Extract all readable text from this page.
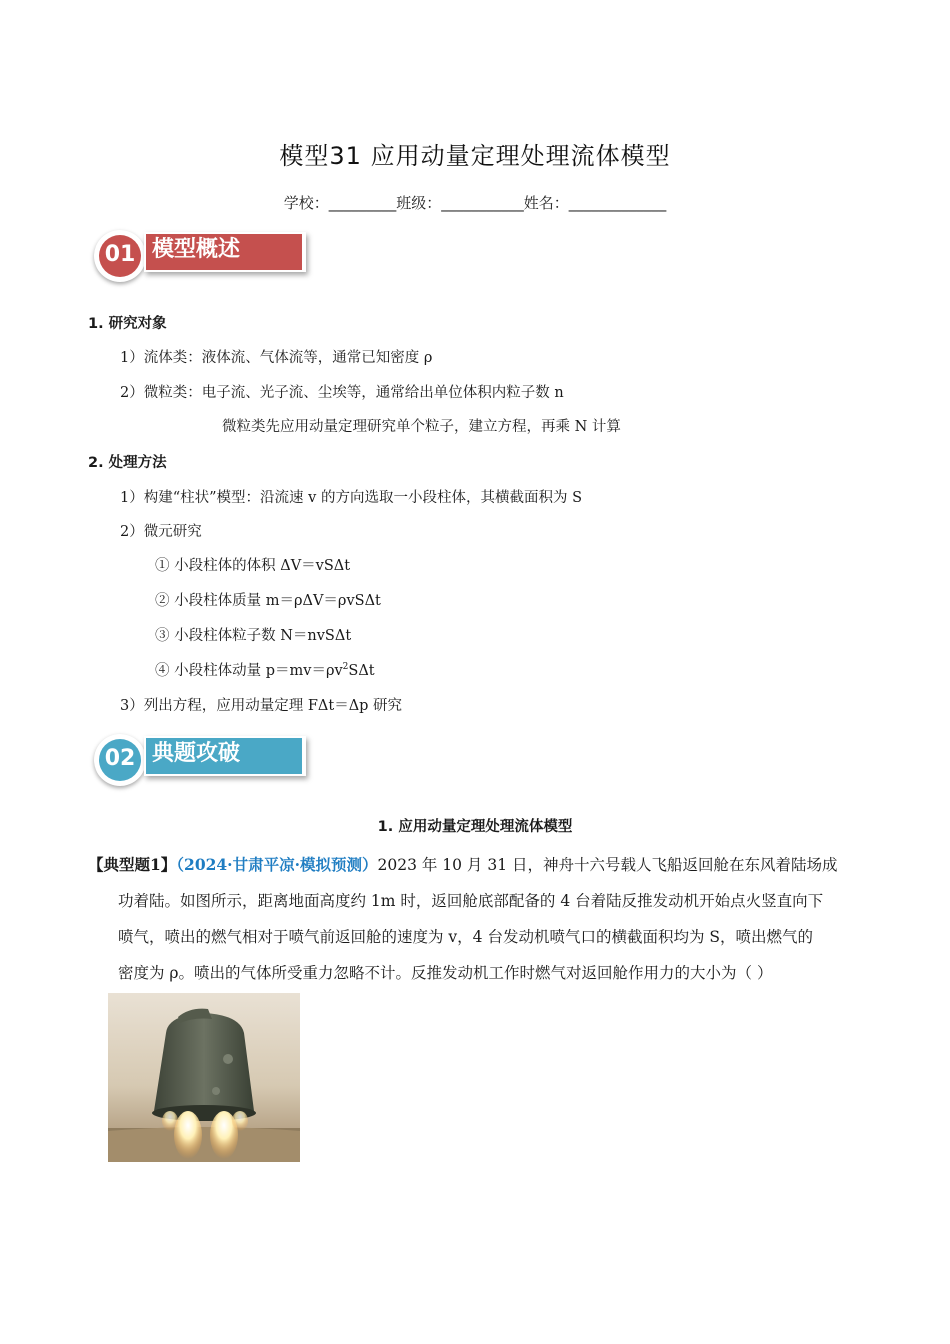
模型31 应用动量定理处理流体模型
学校：_________班级：___________姓名：_____________
01 模型概述
1. 研究对象
1）流体类：液体流、气体流等，通常已知密度 ρ
2）微粒类：电子流、光子流、尘埃等，通常给出单位体积内粒子数 n
微粒类先应用动量定理研究单个粒子，建立方程，再乘 N 计算
2. 处理方法
1）构建“柱状”模型：沿流速 v 的方向选取一小段柱体，其横截面积为 S
2）微元研究
① 小段柱体的体积 ΔV＝vSΔt
② 小段柱体质量 m＝ρΔV＝ρvSΔt
③ 小段柱体粒子数 N＝nvSΔt
④ 小段柱体动量 $p=mv=\rho v^2S\Delta t$
3）列出方程，应用动量定理 FΔt＝Δp 研究
02 典题攻破
1. 应用动量定理处理流体模型

【典型题1】（2024·甘肃平凉·模拟预测）2023 年 10 月 31 日，神舟十六号载人飞船返回舱在东风着陆场成

功着陆。如图所示，距离地面高度约 1m 时，返回舱底部配备的 4 台着陆反推发动机开始点火竖直向下

喷气，喷出的燃气相对于喷气前返回舱的速度为 v，4 台发动机喷气口的横截面积均为 S，喷出燃气的

密度为 ρ。喷出的气体所受重力忽略不计。反推发动机工作时燃气对返回舱作用力的大小为（ ）
